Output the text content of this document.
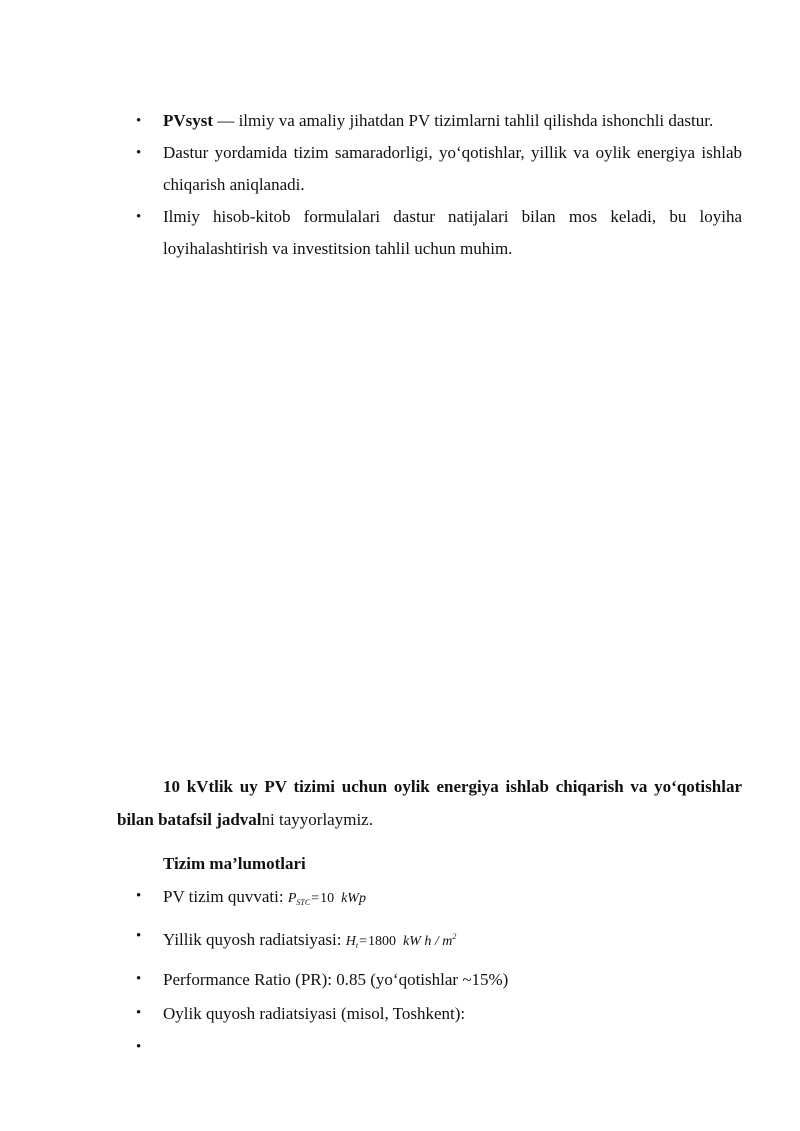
• PVsyst — ilmiy va amaliy jihatdan PV tizimlarni tahlil qilishda ishonchli dastur.
• Dastur yordamida tizim samaradorligi, yo‘qotishlar, yillik va oylik energiya ishlab chiqarish aniqlanadi.
• Ilmiy hisob-kitob formulalari dastur natijalari bilan mos keladi, bu loyiha loyihalashtirish va investitsion tahlil uchun muhim.

10 kVtlik uy PV tizimi uchun oylik energiya ishlab chiqarish va yo‘qotishlar bilan batafsil jadvalni tayyorlaymiz.

Tizim ma’lumotlari
• PV tizim quvvati: $P_{STC}=10$ kWp
• Yillik quyosh radiatsiyasi: $H_t=1800$ kW h / $m^2$
• Performance Ratio (PR): 0.85 (yo‘qotishlar ~15%)
• Oylik quyosh radiatsiyasi (misol, Toshkent):
•
